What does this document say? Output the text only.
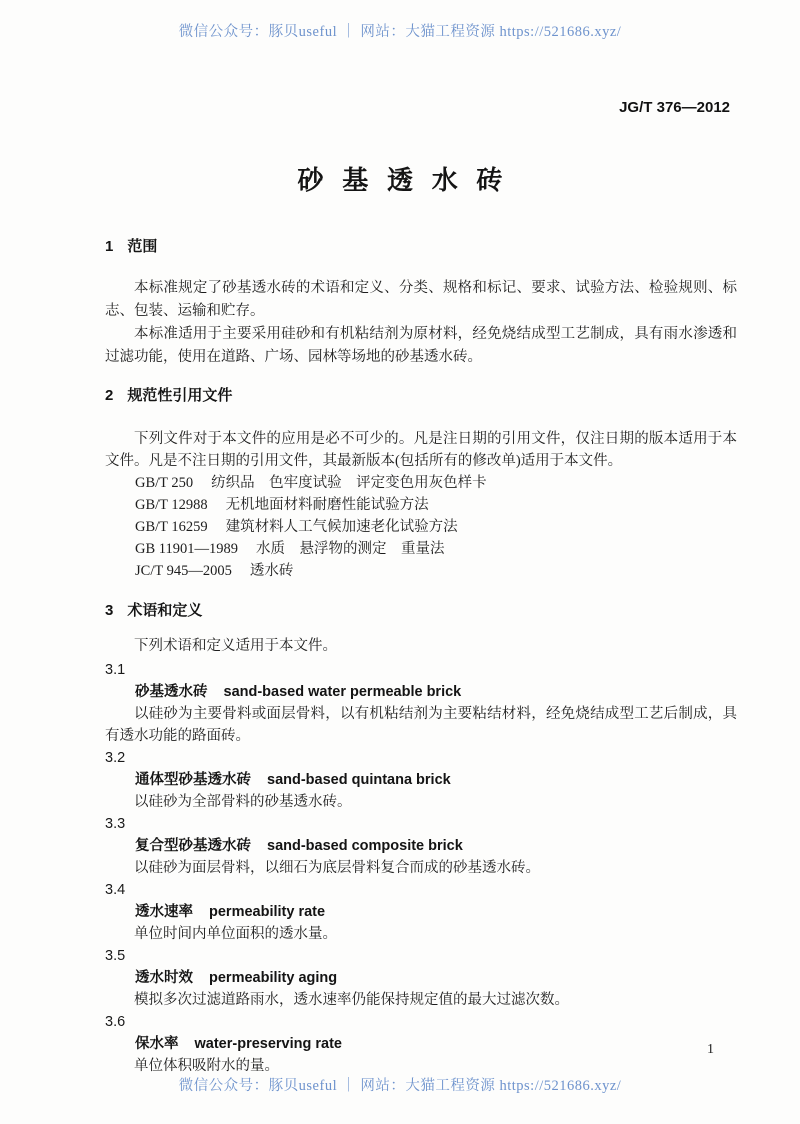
微信公众号：豚贝useful ｜ 网站：大猫工程资源 https://521686.xyz/
JG/T 376—2012
砂基透水砖
1 范围

本标准规定了砂基透水砖的术语和定义、分类、规格和标记、要求、试验方法、检验规则、标志、包装、运输和贮存。

本标准适用于主要采用硅砂和有机粘结剂为原材料，经免烧结成型工艺制成，具有雨水渗透和过滤功能，使用在道路、广场、园林等场地的砂基透水砖。

2 规范性引用文件

下列文件对于本文件的应用是必不可少的。凡是注日期的引用文件，仅注日期的版本适用于本文件。凡是不注日期的引用文件，其最新版本(包括所有的修改单)适用于本文件。

GB/T 250 纺织品　色牢度试验　评定变色用灰色样卡
GB/T 12988 无机地面材料耐磨性能试验方法
GB/T 16259 建筑材料人工气候加速老化试验方法
GB 11901—1989 水质　悬浮物的测定　重量法
JC/T 945—2005 透水砖
3 术语和定义

下列术语和定义适用于本文件。

3.1
砂基透水砖 sand-based water permeable brick

以硅砂为主要骨料或面层骨料，以有机粘结剂为主要粘结材料，经免烧结成型工艺后制成，具有透水功能的路面砖。

3.2
通体型砂基透水砖 sand-based quintana brick

以硅砂为全部骨料的砂基透水砖。

3.3
复合型砂基透水砖 sand-based composite brick

以硅砂为面层骨料，以细石为底层骨料复合而成的砂基透水砖。

3.4
透水速率 permeability rate

单位时间内单位面积的透水量。

3.5
透水时效 permeability aging

模拟多次过滤道路雨水，透水速率仍能保持规定值的最大过滤次数。

3.6
保水率 water-preserving rate

单位体积吸附水的量。

1
微信公众号：豚贝useful ｜ 网站：大猫工程资源 https://521686.xyz/
